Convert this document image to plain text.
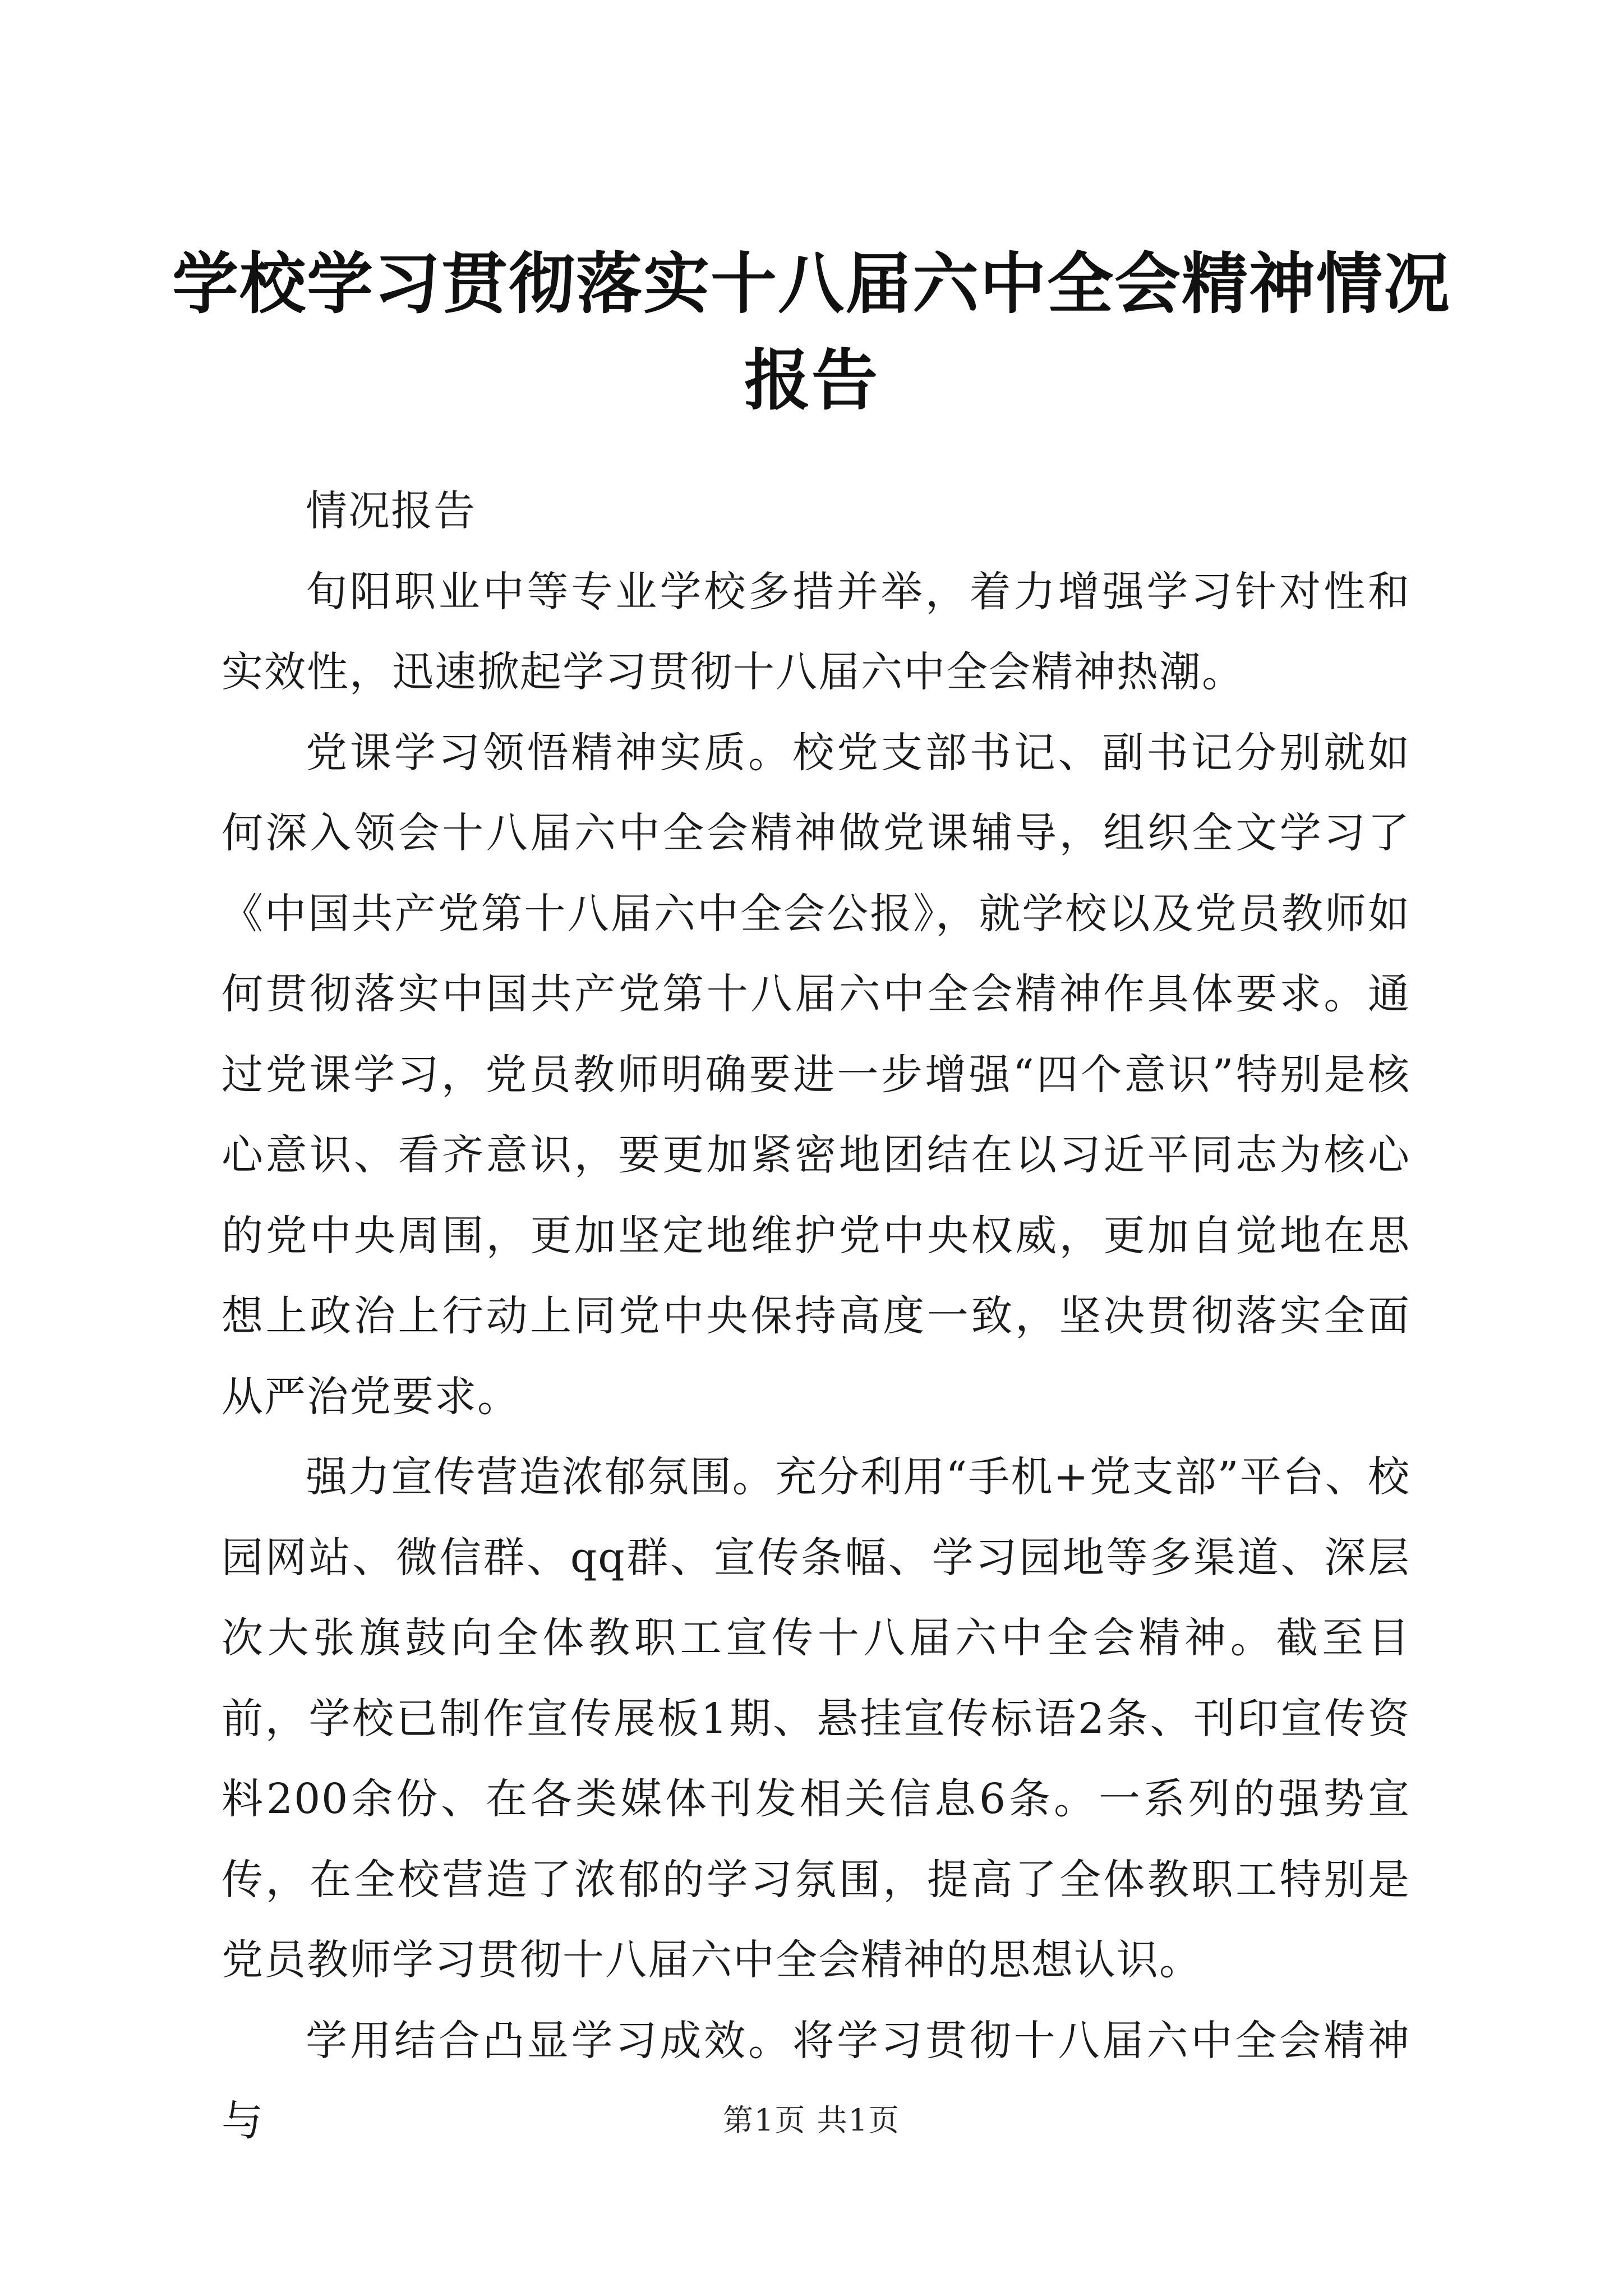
学校学习贯彻落实十八届六中全会精神情况报告

情况报告

旬阳职业中等专业学校多措并举，着力增强学习针对性和实效性，迅速掀起学习贯彻十八届六中全会精神热潮。

党课学习领悟精神实质。校党支部书记、副书记分别就如何深入领会十八届六中全会精神做党课辅导，组织全文学习了《中国共产党第十八届六中全会公报》，就学校以及党员教师如何贯彻落实中国共产党第十八届六中全会精神作具体要求。通过党课学习，党员教师明确要进一步增强“四个意识”特别是核心意识、看齐意识，要更加紧密地团结在以习近平同志为核心的党中央周围，更加坚定地维护党中央权威，更加自觉地在思想上政治上行动上同党中央保持高度一致，坚决贯彻落实全面从严治党要求。

强力宣传营造浓郁氛围。充分利用“手机+党支部”平台、校园网站、微信群、qq群、宣传条幅、学习园地等多渠道、深层次大张旗鼓向全体教职工宣传十八届六中全会精神。截至目前，学校已制作宣传展板1期、悬挂宣传标语2条、刊印宣传资料200余份、在各类媒体刊发相关信息6条。一系列的强势宣传，在全校营造了浓郁的学习氛围，提高了全体教职工特别是党员教师学习贯彻十八届六中全会精神的思想认识。

学用结合凸显学习成效。将学习贯彻十八届六中全会精神与	第1页 共1页
